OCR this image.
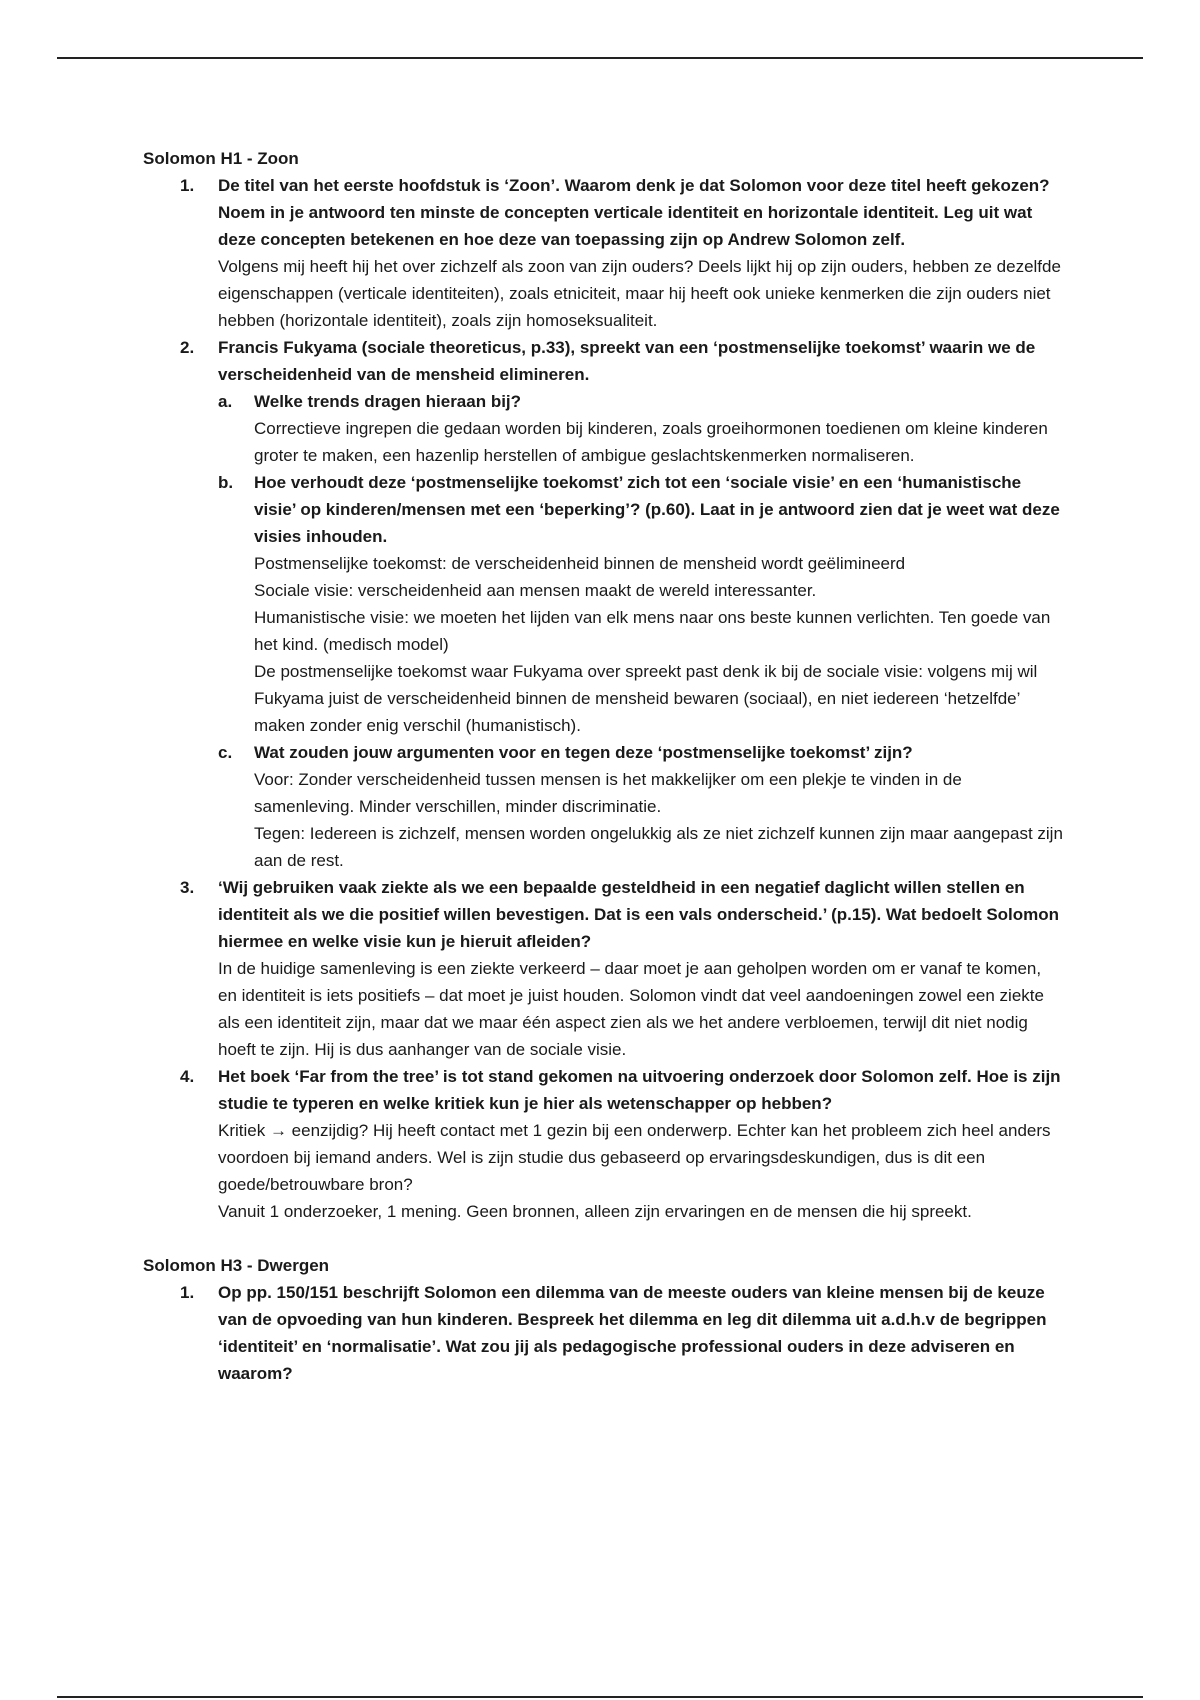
Solomon H1 - Zoon

1. De titel van het eerste hoofdstuk is ‘Zoon’. Waarom denk je dat Solomon voor deze titel heeft gekozen? Noem in je antwoord ten minste de concepten verticale identiteit en horizontale identiteit. Leg uit wat deze concepten betekenen en hoe deze van toepassing zijn op Andrew Solomon zelf.

Volgens mij heeft hij het over zichzelf als zoon van zijn ouders? Deels lijkt hij op zijn ouders, hebben ze dezelfde eigenschappen (verticale identiteiten), zoals etniciteit, maar hij heeft ook unieke kenmerken die zijn ouders niet hebben (horizontale identiteit), zoals zijn homoseksualiteit.

2. Francis Fukyama (sociale theoreticus, p.33), spreekt van een ‘postmenselijke toekomst’ waarin we de verscheidenheid van de mensheid elimineren.

a. Welke trends dragen hieraan bij?

Correctieve ingrepen die gedaan worden bij kinderen, zoals groeihormonen toedienen om kleine kinderen groter te maken, een hazenlip herstellen of ambigue geslachtskenmerken normaliseren.

b. Hoe verhoudt deze ‘postmenselijke toekomst’ zich tot een ‘sociale visie’ en een ‘humanistische visie’ op kinderen/mensen met een ‘beperking’? (p.60). Laat in je antwoord zien dat je weet wat deze visies inhouden.

Postmenselijke toekomst: de verscheidenheid binnen de mensheid wordt geëlimineerd

Sociale visie: verscheidenheid aan mensen maakt de wereld interessanter.

Humanistische visie: we moeten het lijden van elk mens naar ons beste kunnen verlichten. Ten goede van het kind. (medisch model)

De postmenselijke toekomst waar Fukyama over spreekt past denk ik bij de sociale visie: volgens mij wil Fukyama juist de verscheidenheid binnen de mensheid bewaren (sociaal), en niet iedereen ‘hetzelfde’ maken zonder enig verschil (humanistisch).

c. Wat zouden jouw argumenten voor en tegen deze ‘postmenselijke toekomst’ zijn?

Voor: Zonder verscheidenheid tussen mensen is het makkelijker om een plekje te vinden in de samenleving. Minder verschillen, minder discriminatie.

Tegen: Iedereen is zichzelf, mensen worden ongelukkig als ze niet zichzelf kunnen zijn maar aangepast zijn aan de rest.

3. ‘Wij gebruiken vaak ziekte als we een bepaalde gesteldheid in een negatief daglicht willen stellen en identiteit als we die positief willen bevestigen. Dat is een vals onderscheid.’ (p.15). Wat bedoelt Solomon hiermee en welke visie kun je hieruit afleiden?

In de huidige samenleving is een ziekte verkeerd – daar moet je aan geholpen worden om er vanaf te komen, en identiteit is iets positiefs – dat moet je juist houden. Solomon vindt dat veel aandoeningen zowel een ziekte als een identiteit zijn, maar dat we maar één aspect zien als we het andere verbloemen, terwijl dit niet nodig hoeft te zijn. Hij is dus aanhanger van de sociale visie.

4. Het boek ‘Far from the tree’ is tot stand gekomen na uitvoering onderzoek door Solomon zelf. Hoe is zijn studie te typeren en welke kritiek kun je hier als wetenschapper op hebben?

Kritiek → eenzijdig? Hij heeft contact met 1 gezin bij een onderwerp. Echter kan het probleem zich heel anders voordoen bij iemand anders. Wel is zijn studie dus gebaseerd op ervaringsdeskundigen, dus is dit een goede/betrouwbare bron?

Vanuit 1 onderzoeker, 1 mening. Geen bronnen, alleen zijn ervaringen en de mensen die hij spreekt.

Solomon H3 - Dwergen

1. Op pp. 150/151 beschrijft Solomon een dilemma van de meeste ouders van kleine mensen bij de keuze van de opvoeding van hun kinderen. Bespreek het dilemma en leg dit dilemma uit a.d.h.v de begrippen ‘identiteit’ en ‘normalisatie’. Wat zou jij als pedagogische professional ouders in deze adviseren en waarom?
